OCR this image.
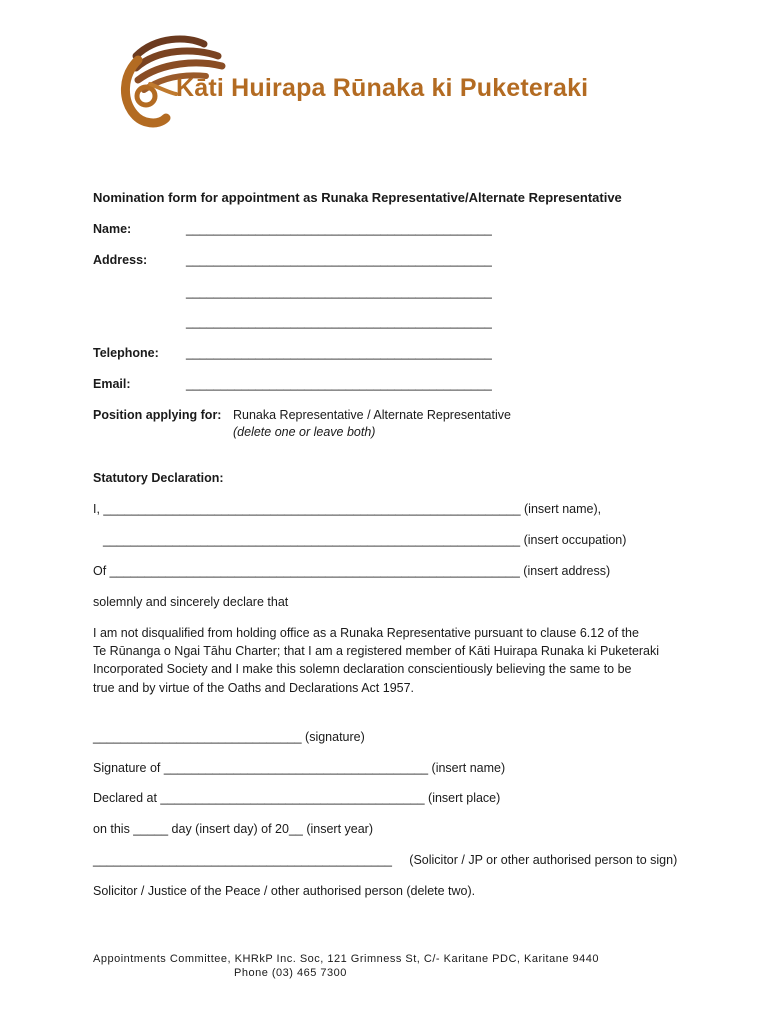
Kāti Huirapa Rūnaka ki Puketeraki
Nomination form for appointment as Runaka Representative/Alternate Representative
Name:	____________________________________________
Address:	____________________________________________
____________________________________________
____________________________________________
Telephone: ____________________________________________
Email:	____________________________________________
Position applying for: Runaka Representative / Alternate Representative
(delete one or leave both)
Statutory Declaration:
I, ____________________________________________________________ (insert name),
____________________________________________________________ (insert occupation)
Of ___________________________________________________________ (insert address)
solemnly and sincerely declare that
I am not disqualified from holding office as a Runaka Representative pursuant to clause 6.12 of the
Te Rūnanga o Ngai Tāhu Charter; that I am a registered member of Kāti Huirapa Runaka ki Puketeraki
Incorporated Society and I make this solemn declaration conscientiously believing the same to be
true and by virtue of the Oaths and Declarations Act 1957.
______________________________ (signature)
Signature of ______________________________________ (insert name)
Declared at ______________________________________ (insert place)
on this _____ day (insert day) of 20__ (insert year)
___________________________________________     (Solicitor / JP or other authorised person to sign)
Solicitor / Justice of the Peace / other authorised person (delete two).
Appointments Committee, KHRkP Inc. Soc, 121 Grimness St, C/- Karitane PDC, Karitane 9440
Phone (03) 465 7300
